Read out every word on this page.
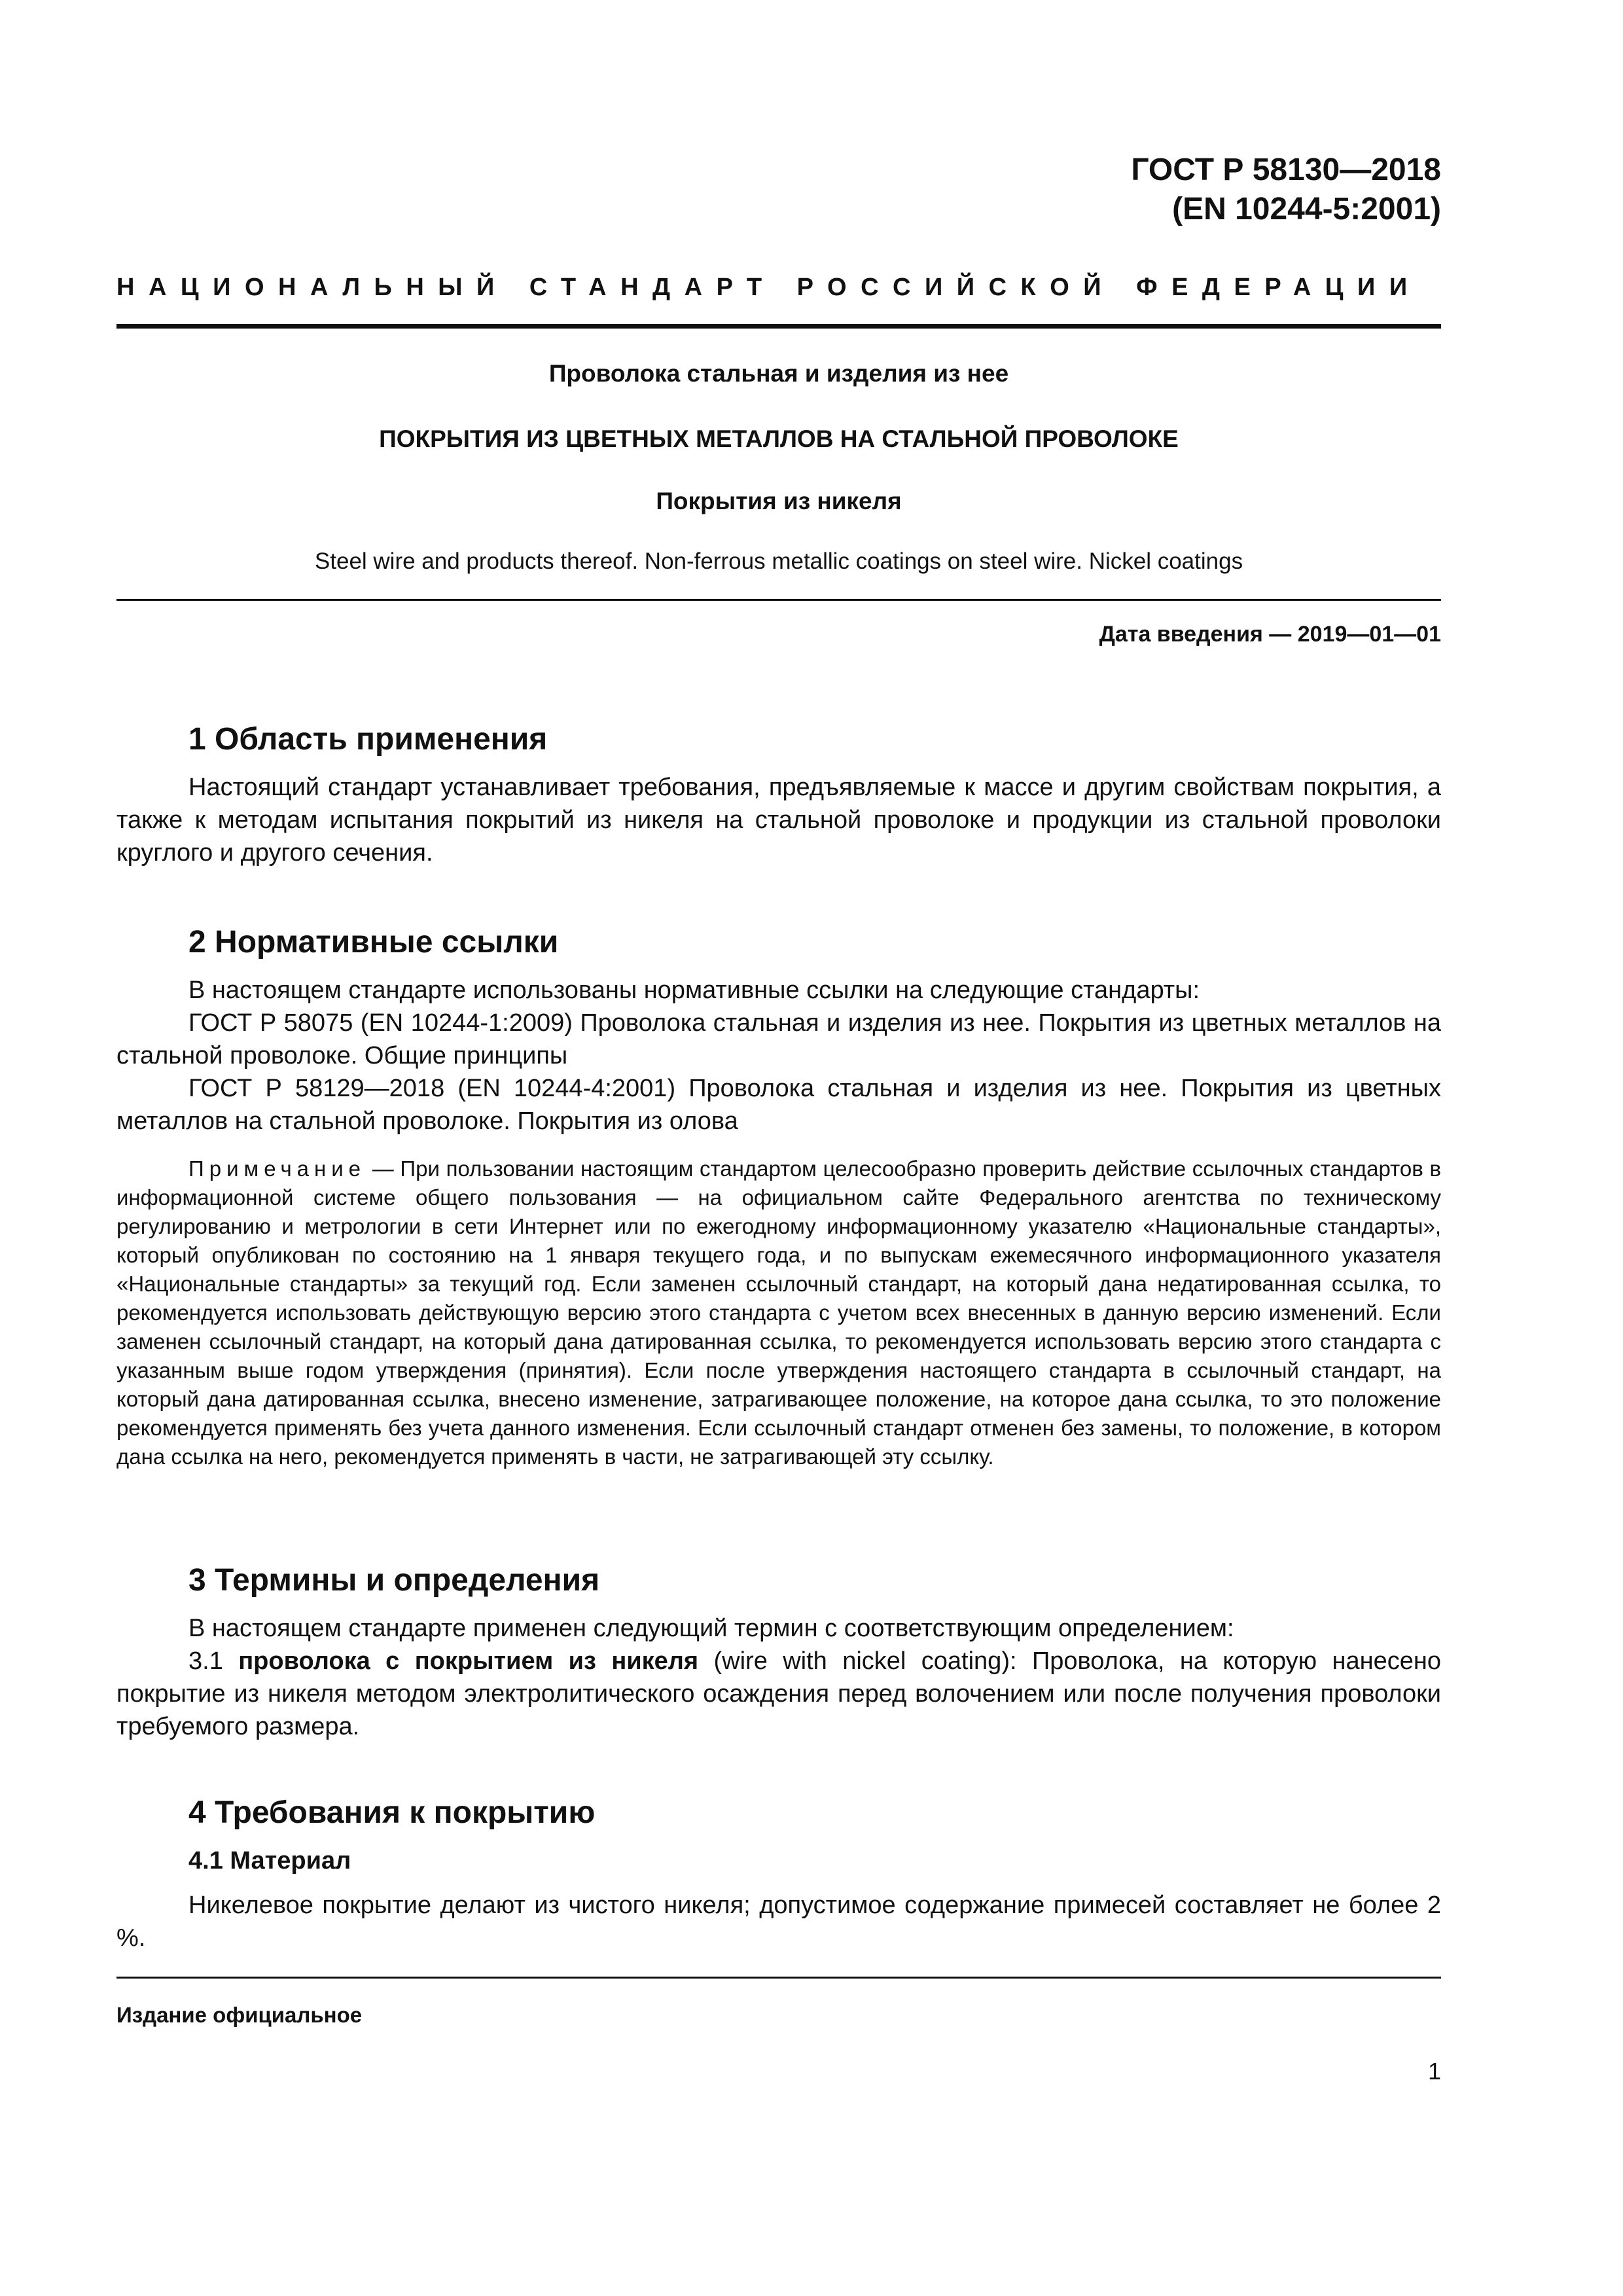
ГОСТ Р 58130—2018
(EN 10244-5:2001)
НАЦИОНАЛЬНЫЙ СТАНДАРТ РОССИЙСКОЙ ФЕДЕРАЦИИ
Проволока стальная и изделия из нее
ПОКРЫТИЯ ИЗ ЦВЕТНЫХ МЕТАЛЛОВ НА СТАЛЬНОЙ ПРОВОЛОКЕ
Покрытия из никеля
Steel wire and products thereof. Non-ferrous metallic coatings on steel wire. Nickel coatings
Дата введения — 2019—01—01
1 Область применения

Настоящий стандарт устанавливает требования, предъявляемые к массе и другим свойствам покрытия, а также к методам испытания покрытий из никеля на стальной проволоке и продукции из стальной проволоки круглого и другого сечения.

2 Нормативные ссылки

В настоящем стандарте использованы нормативные ссылки на следующие стандарты:

ГОСТ Р 58075 (EN 10244-1:2009) Проволока стальная и изделия из нее. Покрытия из цветных металлов на стальной проволоке. Общие принципы

ГОСТ Р 58129—2018 (EN 10244-4:2001) Проволока стальная и изделия из нее. Покрытия из цветных металлов на стальной проволоке. Покрытия из олова

Примечание — При пользовании настоящим стандартом целесообразно проверить действие ссылочных стандартов в информационной системе общего пользования — на официальном сайте Федерального агентства по техническому регулированию и метрологии в сети Интернет или по ежегодному информационному указателю «Национальные стандарты», который опубликован по состоянию на 1 января текущего года, и по выпускам ежемесячного информационного указателя «Национальные стандарты» за текущий год. Если заменен ссылочный стандарт, на который дана недатированная ссылка, то рекомендуется использовать действующую версию этого стандарта с учетом всех внесенных в данную версию изменений. Если заменен ссылочный стандарт, на который дана датированная ссылка, то рекомендуется использовать версию этого стандарта с указанным выше годом утверждения (принятия). Если после утверждения настоящего стандарта в ссылочный стандарт, на который дана датированная ссылка, внесено изменение, затрагивающее положение, на которое дана ссылка, то это положение рекомендуется применять без учета данного изменения. Если ссылочный стандарт отменен без замены, то положение, в котором дана ссылка на него, рекомендуется применять в части, не затрагивающей эту ссылку.

3 Термины и определения

В настоящем стандарте применен следующий термин с соответствующим определением:

3.1 проволока с покрытием из никеля (wire with nickel coating): Проволока, на которую нанесено покрытие из никеля методом электролитического осаждения перед волочением или после получения проволоки требуемого размера.

4 Требования к покрытию
4.1 Материал

Никелевое покрытие делают из чистого никеля; допустимое содержание примесей составляет не более 2 %.

Издание официальное
1
